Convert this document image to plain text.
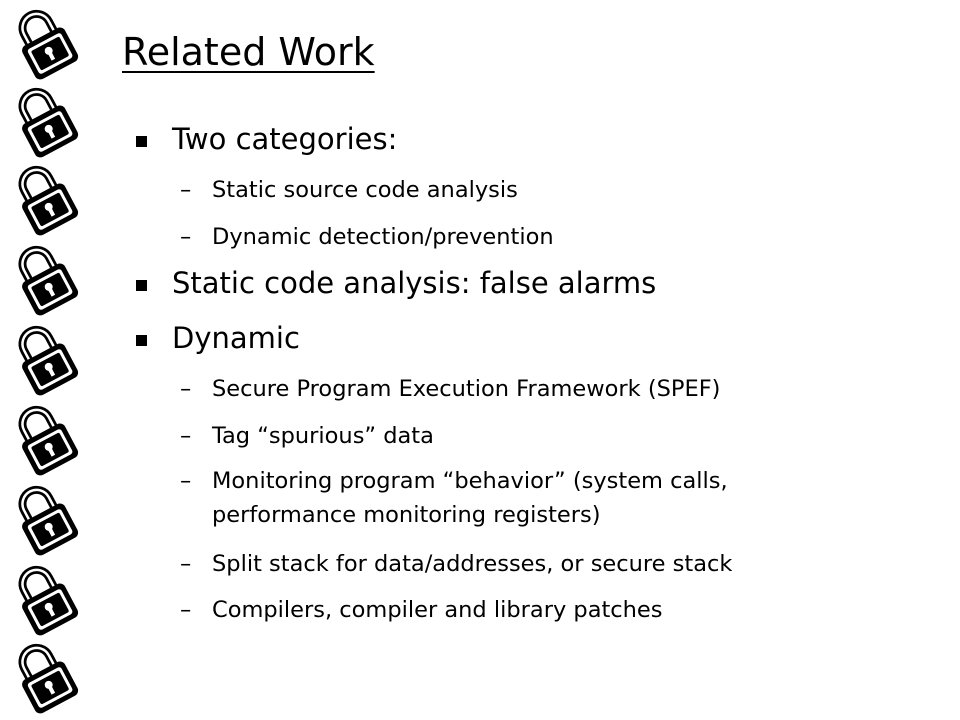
Related Work
Two categories:
– Static source code analysis
– Dynamic detection/prevention
Static code analysis: false alarms
Dynamic
– Secure Program Execution Framework (SPEF)
– Tag “spurious” data
– Monitoring program “behavior” (system calls,
performance monitoring registers)
– Split stack for data/addresses, or secure stack
– Compilers, compiler and library patches
